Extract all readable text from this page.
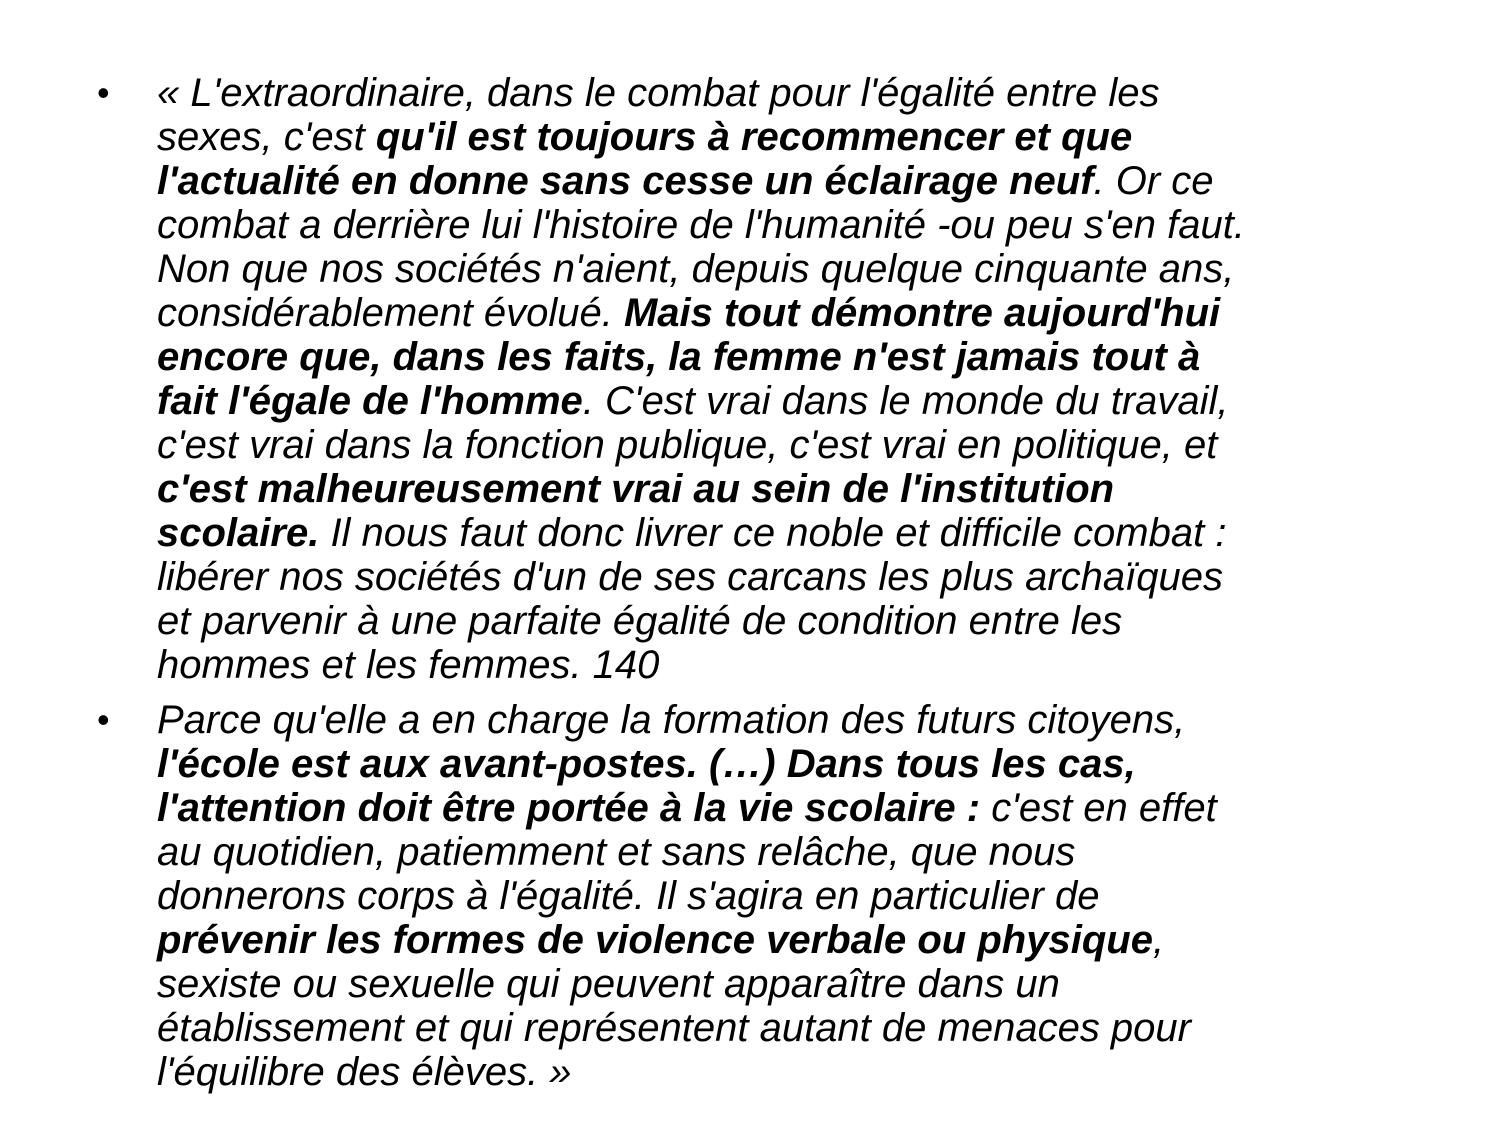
• « L'extraordinaire, dans le combat pour l'égalité entre les
sexes, c'est qu'il est toujours à recommencer et que
l'actualité en donne sans cesse un éclairage neuf. Or ce
combat a derrière lui l'histoire de l'humanité -ou peu s'en faut.
Non que nos sociétés n'aient, depuis quelque cinquante ans,
considérablement évolué. Mais tout démontre aujourd'hui
encore que, dans les faits, la femme n'est jamais tout à
fait l'égale de l'homme. C'est vrai dans le monde du travail,
c'est vrai dans la fonction publique, c'est vrai en politique, et
c'est malheureusement vrai au sein de l'institution
scolaire. Il nous faut donc livrer ce noble et difficile combat :
libérer nos sociétés d'un de ses carcans les plus archaïques
et parvenir à une parfaite égalité de condition entre les
hommes et les femmes. 140
• Parce qu'elle a en charge la formation des futurs citoyens,
l'école est aux avant-postes. (…) Dans tous les cas,
l'attention doit être portée à la vie scolaire : c'est en effet
au quotidien, patiemment et sans relâche, que nous
donnerons corps à l'égalité. Il s'agira en particulier de
prévenir les formes de violence verbale ou physique,
sexiste ou sexuelle qui peuvent apparaître dans un
établissement et qui représentent autant de menaces pour
l'équilibre des élèves. »
